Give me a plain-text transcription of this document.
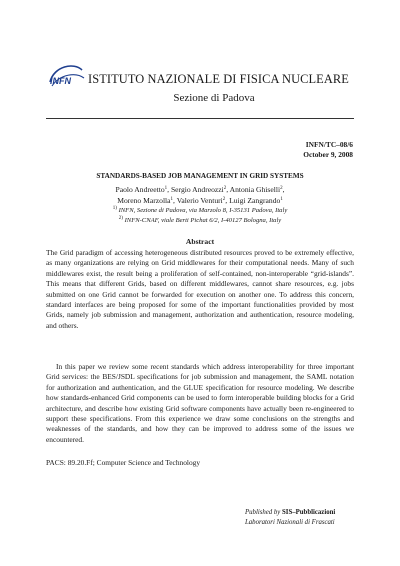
INFN ISTITUTO NAZIONALE DI FISICA NUCLEARE
Sezione di Padova
INFN/TC–08/6
October 9, 2008
STANDARDS-BASED JOB MANAGEMENT IN GRID SYSTEMS
Paolo Andreetto$^1$, Sergio Andreozzi$^2$, Antonia Ghiselli$^2$,
Moreno Marzolla$^1$, Valerio Venturi$^2$, Luigi Zangrando$^1$
$^{1)}$ INFN, Sezione di Padova, via Marzolo 8, I-35131 Padova, Italy
$^{2)}$ INFN-CNAF, viale Berti Pichat 6/2, I-40127 Bologna, Italy
Abstract
The Grid paradigm of accessing heterogeneous distributed resources proved to be extremely effective, as many organizations are relying on Grid middlewares for their computational needs. Many of such middlewares exist, the result being a proliferation of self-contained, non-interoperable “grid-islands”. This means that different Grids, based on different middlewares, cannot share resources, e.g. jobs submitted on one Grid cannot be forwarded for execution on another one. To address this concern, standard interfaces are being proposed for some of the important functionalities provided by most Grids, namely job submission and management, authorization and authentication, resource modeling, and others.
In this paper we review some recent standards which address interoperability for three important Grid services: the BES/JSDL specifications for job submission and management, the SAML notation for authorization and authentication, and the GLUE specification for resource modeling. We describe how standards-enhanced Grid components can be used to form interoperable building blocks for a Grid architecture, and describe how existing Grid software components have actually been re-engineered to support these specifications. From this experience we draw some conclusions on the strengths and weaknesses of the standards, and how they can be improved to address some of the issues we encountered.
PACS: 89.20.Ff; Computer Science and Technology
Published by SIS–Pubblicazioni
Laboratori Nazionali di Frascati
